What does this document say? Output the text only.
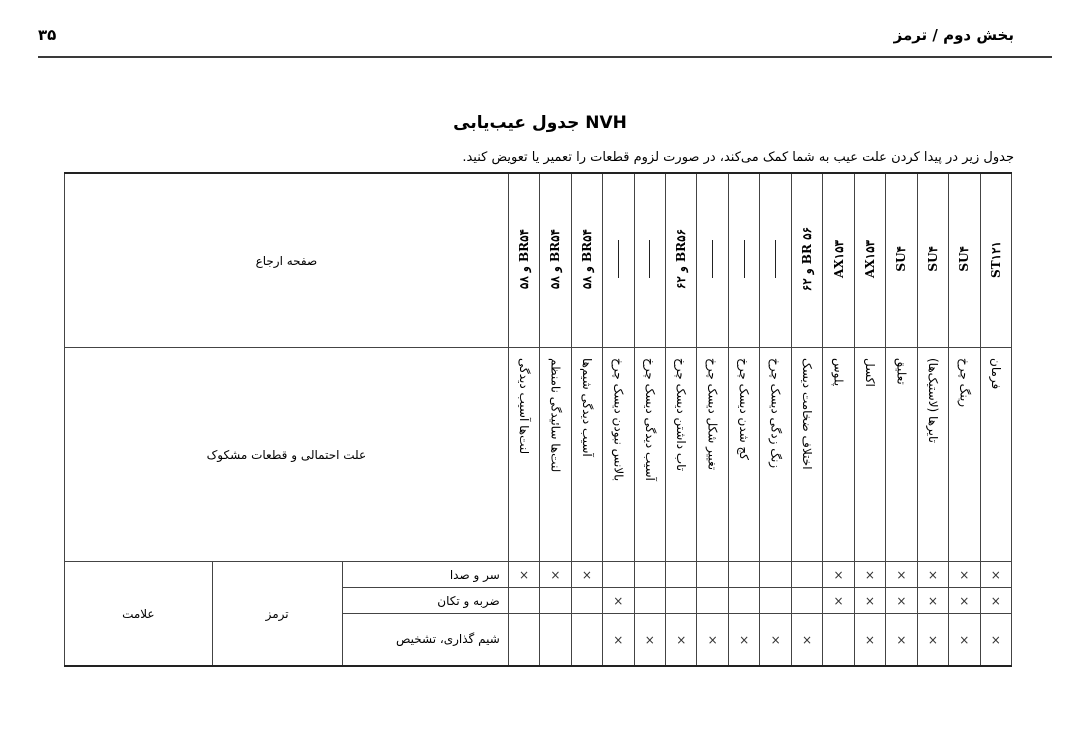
بخش دوم / ترمز
۳۵
جدول عیب‌یابی NVH
جدول زیر در پیدا کردن علت عیب به شما کمک می‌کند، در صورت لزوم قطعات را تعمیر یا تعویض کنید.
ST۱۲۱	SU۴	SU۴	SU۴	AX۱۵۳	AX۱۵۳	BR ۵۶ و ۶۲				BR۵۶ و ۶۲			BR۵۴ و ۵۸	BR۵۴ و ۵۸	BR۵۴ و ۵۸	صفحه ارجاع		
فرمان	رینگ چرخ	تایرها (لاستیک‌ها)	تعلیق	اکسل	پلوس	اختلاف ضخامت دیسک	زنگ زدگی دیسک چرخ	کج شدن دیسک چرخ	تغییر شکل دیسک چرخ	تاب داشتن دیسک چرخ	آسیب دیدگی دیسک چرخ	بالانس نبودن دیسک چرخ	آسیب دیدگی شیم‌ها	لنت‌ها سائیدگی نامنظم	لنت‌ها آسیب دیدگی	علت احتمالی و قطعات مشکوک		
×	×	×	×	×	×								×	×	×	سر و صدا	ترمز	علامت
×	×	×	×	×	×							×				ضربه و تکان		
×	×	×	×	×		×	×	×	×	×	×	×				شیم گذاری، تشخیص		
